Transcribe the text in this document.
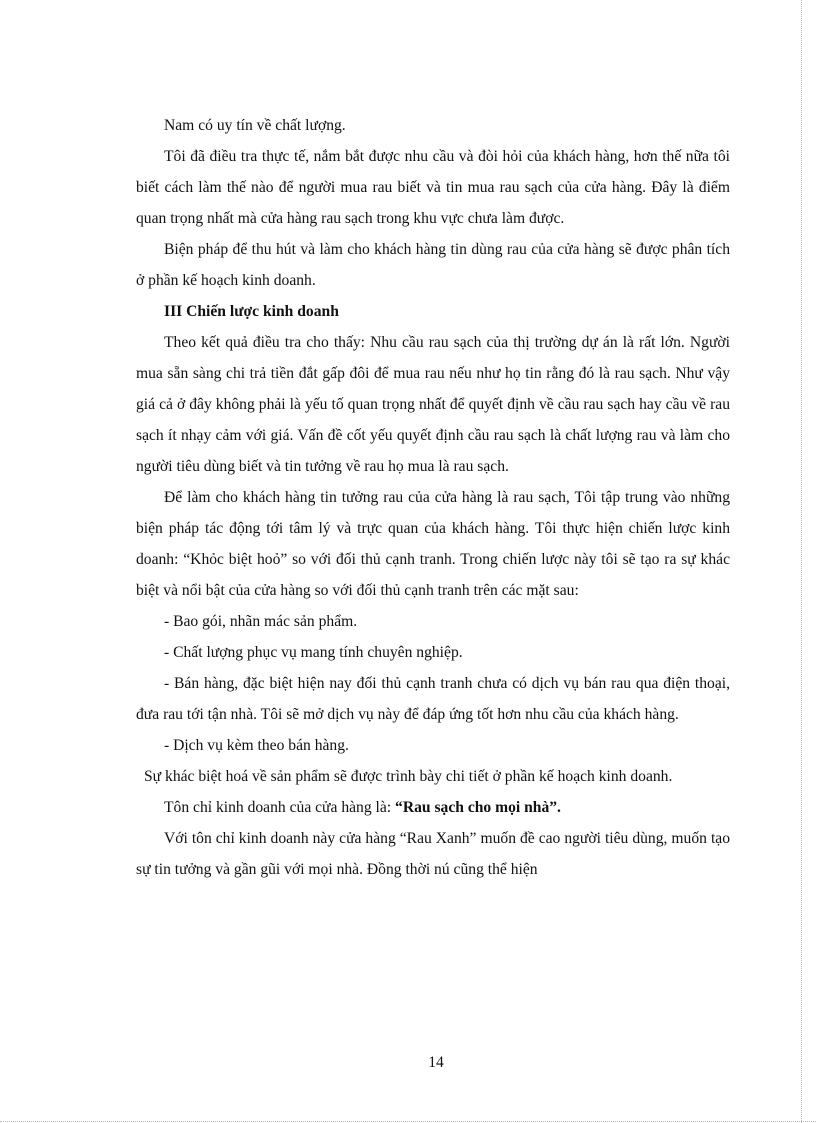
Nam có uy tín về chất lượng.

Tôi đã điều tra thực tế, nắm bắt được nhu cầu và đòi hỏi của khách hàng, hơn thế nữa tôi biết cách làm thế nào để người mua rau biết và tin mua rau sạch của cửa hàng. Đây là điểm quan trọng nhất mà cửa hàng rau sạch trong khu vực chưa làm được.

Biện pháp để thu hút và làm cho khách hàng tin dùng rau của cửa hàng sẽ được phân tích ở phần kế hoạch kinh doanh.

III Chiến lược kinh doanh

Theo kết quả điều tra cho thấy: Nhu cầu rau sạch của thị trường dự án là rất lớn. Người mua sẵn sàng chi trả tiền đắt gấp đôi để mua rau nếu như họ tin rằng đó là rau sạch. Như vậy giá cả ở đây không phải là yếu tố quan trọng nhất để quyết định về cầu rau sạch hay cầu về rau sạch ít nhạy cảm với giá. Vấn đề cốt yếu quyết định cầu rau sạch là chất lượng rau và làm cho người tiêu dùng biết và tin tưởng về rau họ mua là rau sạch.

Để làm cho khách hàng tin tưởng rau của cửa hàng là rau sạch, Tôi tập trung vào những biện pháp tác động tới tâm lý và trực quan của khách hàng. Tôi thực hiện chiến lược kinh doanh: “Khỏc biệt hoỏ” so với đối thủ cạnh tranh. Trong chiến lược này tôi sẽ tạo ra sự khác biệt và nổi bật của cửa hàng so với đối thủ cạnh tranh trên các mặt sau:

- Bao gói, nhãn mác sản phẩm.

- Chất lượng phục vụ mang tính chuyên nghiệp.

- Bán hàng, đặc biệt hiện nay đối thủ cạnh tranh chưa có dịch vụ bán rau qua điện thoại, đưa rau tới tận nhà. Tôi sẽ mở dịch vụ này để đáp ứng tốt hơn nhu cầu của khách hàng.

- Dịch vụ kèm theo bán hàng.

Sự khác biệt hoá về sản phẩm sẽ được trình bày chi tiết ở phần kế hoạch kinh doanh.

Tôn chỉ kinh doanh của cửa hàng là: “Rau sạch cho mọi nhà”.

Với tôn chỉ kinh doanh này cửa hàng “Rau Xanh” muốn đề cao người tiêu dùng, muốn tạo sự tin tưởng và gần gũi với mọi nhà. Đồng thời nú cũng thể hiện

14
